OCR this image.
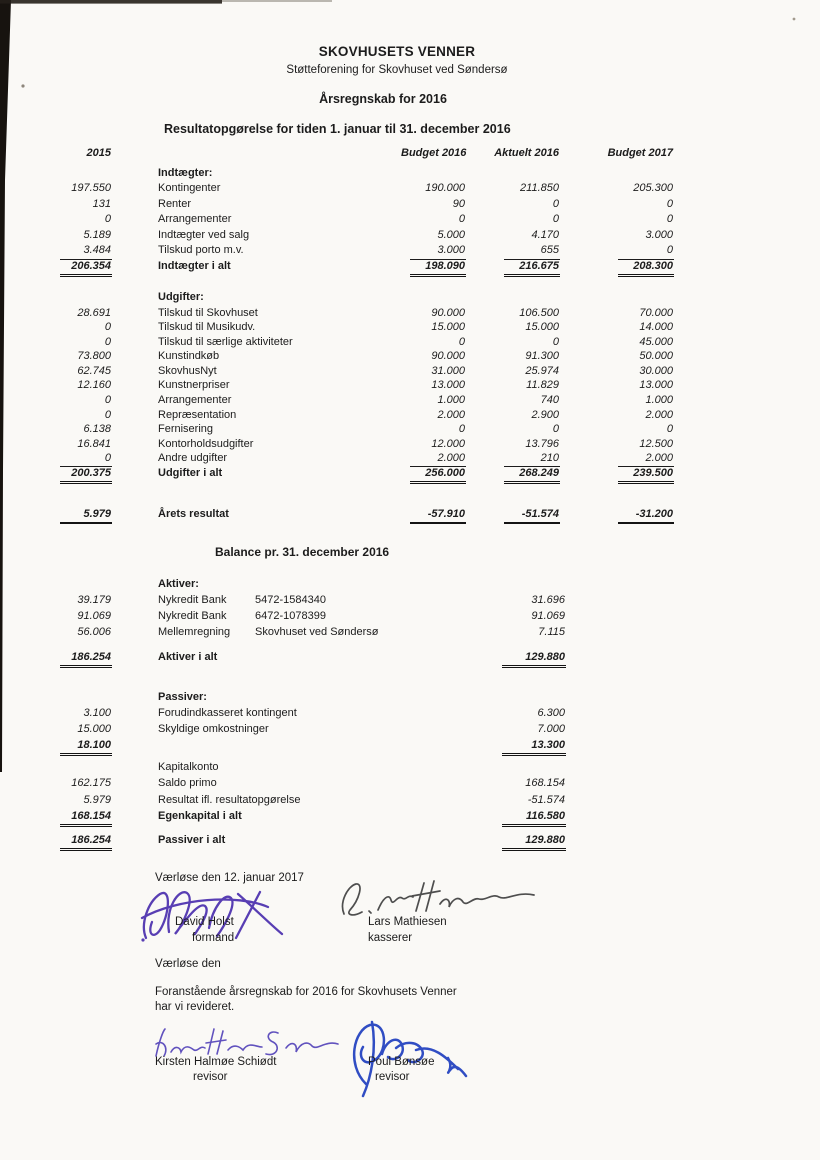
SKOVHUSETS VENNER
Støtteforening for Skovhuset ved Søndersø
Årsregnskab for 2016
Resultatopgørelse for tiden 1. januar til 31. december 2016
2015	Budget 2016	Aktuelt 2016	Budget 2017
Indtægter:
197.550	Kontingenter	190.000	211.850	205.300
131	Renter	90	0	0
0	Arrangementer	0	0	0
5.189	Indtægter ved salg	5.000	4.170	3.000
3.484	Tilskud porto m.v.	3.000	655	0
206.354	Indtægter i alt	198.090	216.675	208.300
Udgifter:
28.691	Tilskud til Skovhuset	90.000	106.500	70.000
0	Tilskud til Musikudv.	15.000	15.000	14.000
0	Tilskud til særlige aktiviteter	0	0	45.000
73.800	Kunstindkøb	90.000	91.300	50.000
62.745	SkovhusNyt	31.000	25.974	30.000
12.160	Kunstnerpriser	13.000	11.829	13.000
0	Arrangementer	1.000	740	1.000
0	Repræsentation	2.000	2.900	2.000
6.138	Fernisering	0	0	0
16.841	Kontorholdsudgifter	12.000	13.796	12.500
0	Andre udgifter	2.000	210	2.000
200.375	Udgifter i alt	256.000	268.249	239.500
5.979	Årets resultat	-57.910	-51.574	-31.200
Balance pr. 31. december 2016
Aktiver:
39.179	Nykredit Bank	5472-1584340	31.696
91.069	Nykredit Bank	6472-1078399	91.069
56.006	Mellemregning	Skovhuset ved Søndersø	7.115
186.254	Aktiver i alt	129.880
Passiver:
3.100	Forudindkasseret kontingent	6.300
15.000	Skyldige omkostninger	7.000
18.100	13.300
Kapitalkonto
162.175	Saldo primo	168.154
5.979	Resultat ifl. resultatopgørelse	-51.574
168.154	Egenkapital i alt	116.580
186.254	Passiver i alt	129.880
Værløse den 12. januar 2017
David Holst
formand
Lars Mathiesen
kasserer
Værløse den
Foranstående årsregnskab for 2016 for Skovhusets Venner
har vi revideret.
Kirsten Halmøe Schiødt
revisor
Poul Bønsøe
revisor
